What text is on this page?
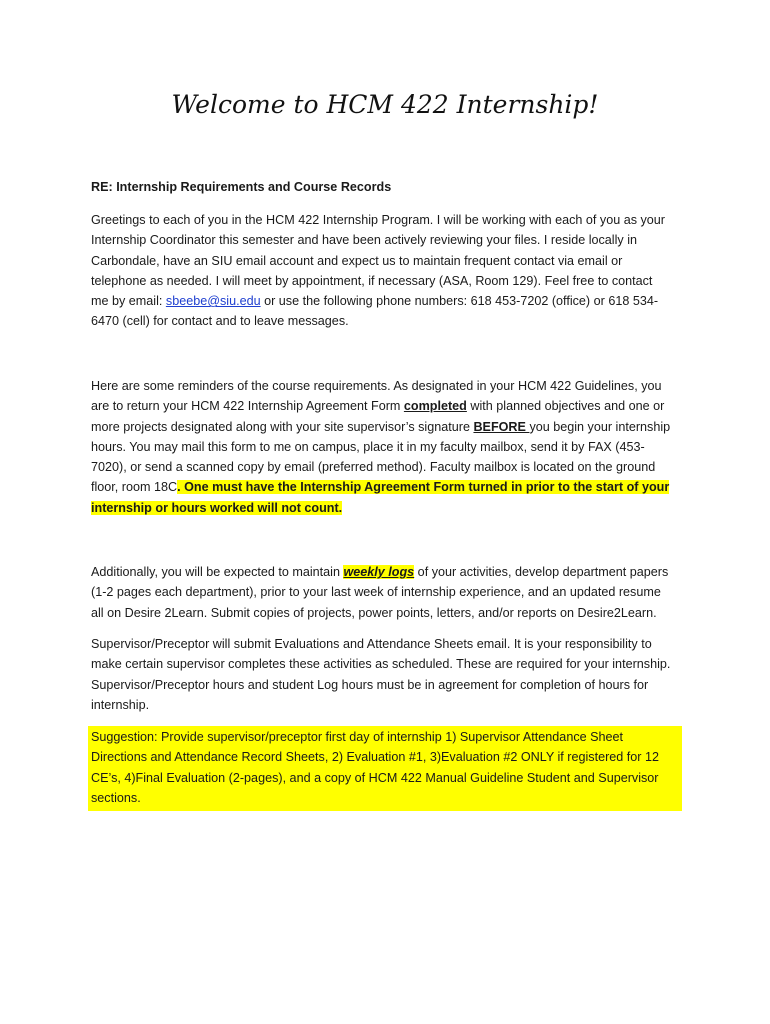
Welcome to HCM 422 Internship!
RE: Internship Requirements and Course Records
Greetings to each of you in the HCM 422 Internship Program. I will be working with each of you as your
Internship Coordinator this semester and have been actively reviewing your files. I reside locally in
Carbondale, have an SIU email account and expect us to maintain frequent contact via email or
telephone as needed. I will meet by appointment, if necessary (ASA, Room 129). Feel free to contact
me by email: sbeebe@siu.edu or use the following phone numbers: 618 453-7202 (office) or 618 534-
6470 (cell) for contact and to leave messages.
Here are some reminders of the course requirements. As designated in your HCM 422 Guidelines, you
are to return your HCM 422 Internship Agreement Form completed with planned objectives and one or
more projects designated along with your site supervisor’s signature BEFORE you begin your internship
hours. You may mail this form to me on campus, place it in my faculty mailbox, send it by FAX (453-
7020), or send a scanned copy by email (preferred method). Faculty mailbox is located on the ground
floor, room 18C. One must have the Internship Agreement Form turned in prior to the start of your
internship or hours worked will not count.
Additionally, you will be expected to maintain weekly logs of your activities, develop department papers
(1-2 pages each department), prior to your last week of internship experience, and an updated resume
all on Desire 2Learn. Submit copies of projects, power points, letters, and/or reports on Desire2Learn.
Supervisor/Preceptor will submit Evaluations and Attendance Sheets email. It is your responsibility to
make certain supervisor completes these activities as scheduled. These are required for your internship.
Supervisor/Preceptor hours and student Log hours must be in agreement for completion of hours for
internship.
Suggestion: Provide supervisor/preceptor first day of internship 1) Supervisor Attendance Sheet
Directions and Attendance Record Sheets, 2) Evaluation #1, 3)Evaluation #2 ONLY if registered for 12
CE’s, 4)Final Evaluation (2-pages), and a copy of HCM 422 Manual Guideline Student and Supervisor
sections.
